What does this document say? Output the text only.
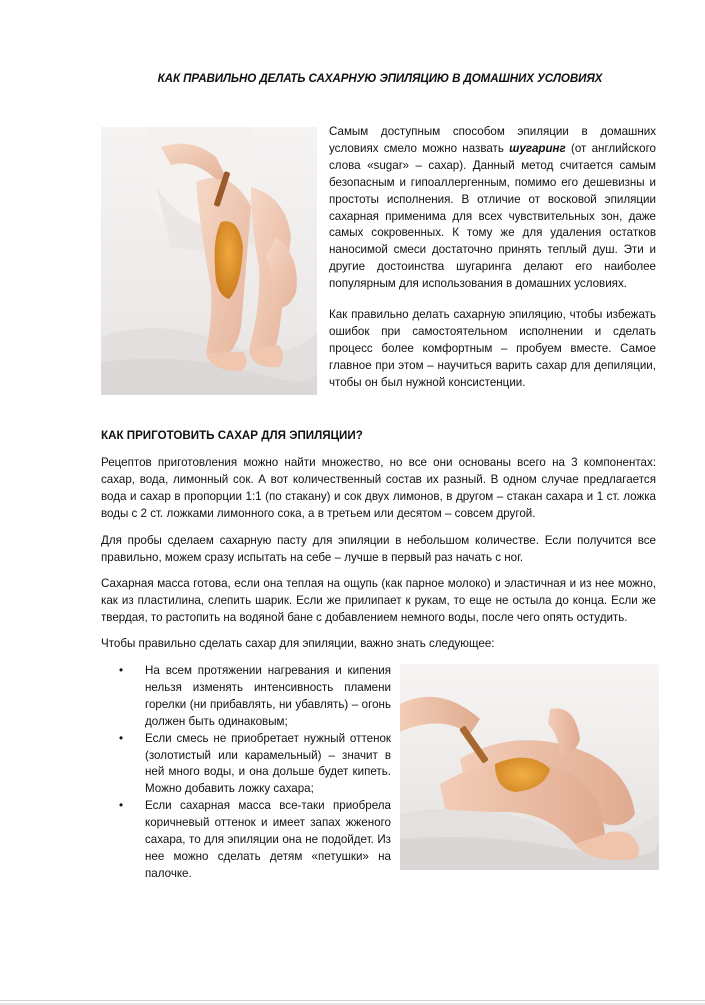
КАК ПРАВИЛЬНО ДЕЛАТЬ САХАРНУЮ ЭПИЛЯЦИЮ В ДОМАШНИХ УСЛОВИЯХ

Самым доступным способом эпиляции в домашних условиях смело можно назвать шугаринг (от английского слова «sugar» – сахар). Данный метод считается самым безопасным и гипоаллергенным, помимо его дешевизны и простоты исполнения. В отличие от восковой эпиляции сахарная применима для всех чувствительных зон, даже самых сокровенных. К тому же для удаления остатков наносимой смеси достаточно принять теплый душ. Эти и другие достоинства шугаринга делают его наиболее популярным для использования в домашних условиях.

Как правильно делать сахарную эпиляцию, чтобы избежать ошибок при самостоятельном исполнении и сделать процесс более комфортным – пробуем вместе. Самое главное при этом – научиться варить сахар для депиляции, чтобы он был нужной консистенции.

КАК ПРИГОТОВИТЬ САХАР ДЛЯ ЭПИЛЯЦИИ?

Рецептов приготовления можно найти множество, но все они основаны всего на 3 компонентах: сахар, вода, лимонный сок. А вот количественный состав их разный. В одном случае предлагается вода и сахар в пропорции 1:1 (по стакану) и сок двух лимонов, в другом – стакан сахара и 1 ст. ложка воды с 2 ст. ложками лимонного сока, а в третьем или десятом – совсем другой.

Для пробы сделаем сахарную пасту для эпиляции в небольшом количестве. Если получится все правильно, можем сразу испытать на себе – лучше в первый раз начать с ног.

Сахарная масса готова, если она теплая на ощупь (как парное молоко) и эластичная и из нее можно, как из пластилина, слепить шарик. Если же прилипает к рукам, то еще не остыла до конца. Если же твердая, то растопить на водяной бане с добавлением немного воды, после чего опять остудить.

Чтобы правильно сделать сахар для эпиляции, важно знать следующее:

• На всем протяжении нагревания и кипения нельзя изменять интенсивность пламени горелки (ни прибавлять, ни убавлять) – огонь должен быть одинаковым;
• Если смесь не приобретает нужный оттенок (золотистый или карамельный) – значит в ней много воды, и она дольше будет кипеть. Можно добавить ложку сахара;
• Если сахарная масса все-таки приобрела коричневый оттенок и имеет запах жженого сахара, то для эпиляции она не подойдет. Из нее можно сделать детям «петушки» на палочке.
